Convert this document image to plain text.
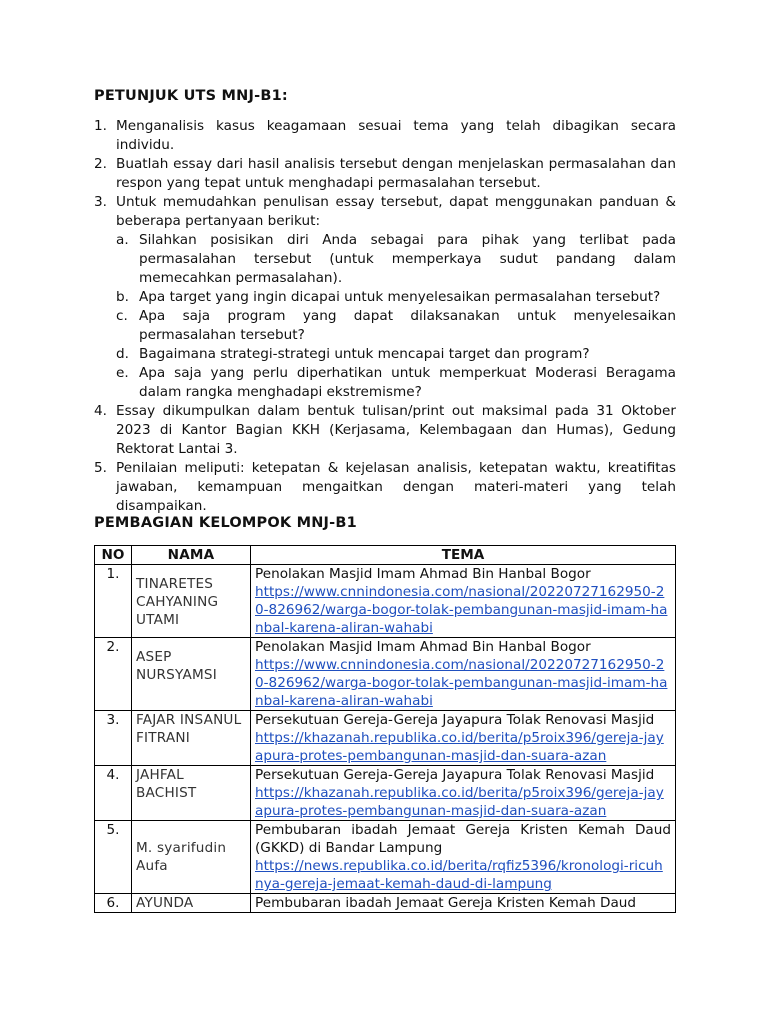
PETUNJUK UTS MNJ-B1:
1. Menganalisis kasus keagamaan sesuai tema yang telah dibagikan secara individu.
2. Buatlah essay dari hasil analisis tersebut dengan menjelaskan permasalahan dan respon yang tepat untuk menghadapi permasalahan tersebut.
3. Untuk memudahkan penulisan essay tersebut, dapat menggunakan panduan & beberapa pertanyaan berikut:
a. Silahkan posisikan diri Anda sebagai para pihak yang terlibat pada permasalahan tersebut (untuk memperkaya sudut pandang dalam memecahkan permasalahan).
b. Apa target yang ingin dicapai untuk menyelesaikan permasalahan tersebut?
c. Apa saja program yang dapat dilaksanakan untuk menyelesaikan permasalahan tersebut?
d. Bagaimana strategi-strategi untuk mencapai target dan program?
e. Apa saja yang perlu diperhatikan untuk memperkuat Moderasi Beragama dalam rangka menghadapi ekstremisme?
4. Essay dikumpulkan dalam bentuk tulisan/print out maksimal pada 31 Oktober 2023 di Kantor Bagian KKH (Kerjasama, Kelembagaan dan Humas), Gedung Rektorat Lantai 3.
5. Penilaian meliputi: ketepatan & kejelasan analisis, ketepatan waktu, kreatifitas jawaban, kemampuan mengaitkan dengan materi-materi yang telah disampaikan.
PEMBAGIAN KELOMPOK MNJ-B1
NO	NAMA	TEMA
1.	TINARETES CAHYANING UTAMI	Penolakan Masjid Imam Ahmad Bin Hanbal Bogor
https://www.cnnindonesia.com/nasional/20220727162950-20-826962/warga-bogor-tolak-pembangunan-masjid-imam-hanbal-karena-aliran-wahabi
2.	ASEP NURSYAMSI	Penolakan Masjid Imam Ahmad Bin Hanbal Bogor
https://www.cnnindonesia.com/nasional/20220727162950-20-826962/warga-bogor-tolak-pembangunan-masjid-imam-hanbal-karena-aliran-wahabi
3.	FAJAR INSANUL FITRANI	Persekutuan Gereja-Gereja Jayapura Tolak Renovasi Masjid
https://khazanah.republika.co.id/berita/p5roix396/gereja-jayapura-protes-pembangunan-masjid-dan-suara-azan
4.	JAHFAL BACHIST	Persekutuan Gereja-Gereja Jayapura Tolak Renovasi Masjid
https://khazanah.republika.co.id/berita/p5roix396/gereja-jayapura-protes-pembangunan-masjid-dan-suara-azan
5.	M. syarifudin Aufa	Pembubaran ibadah Jemaat Gereja Kristen Kemah Daud (GKKD) di Bandar Lampung
https://news.republika.co.id/berita/rqfiz5396/kronologi-ricuhnya-gereja-jemaat-kemah-daud-di-lampung
6.	AYUNDA	Pembubaran ibadah Jemaat Gereja Kristen Kemah Daud
